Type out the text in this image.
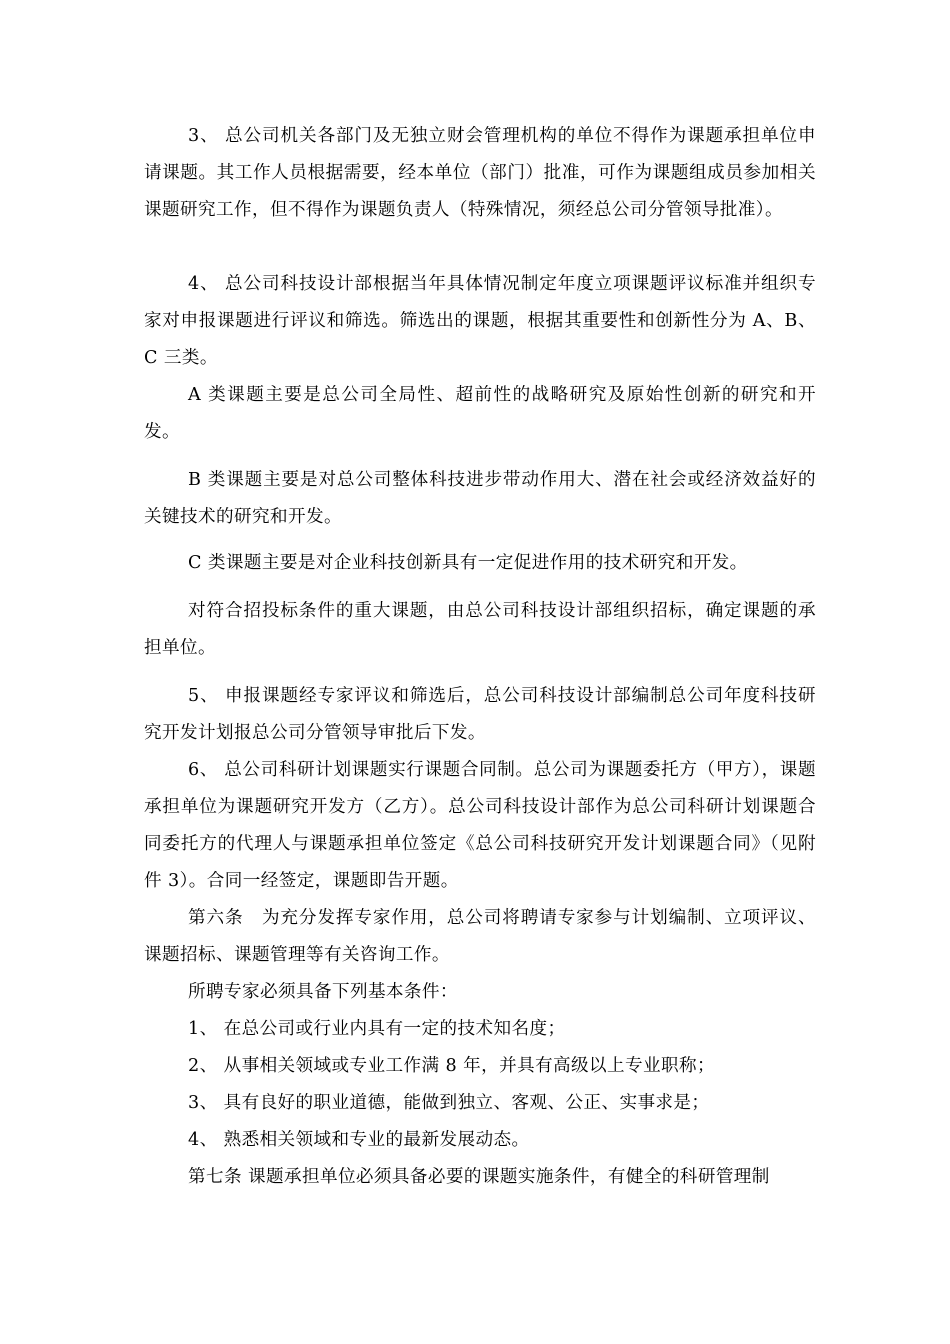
3、 总公司机关各部门及无独立财会管理机构的单位不得作为课题承担单位申请课题。其工作人员根据需要，经本单位（部门）批准，可作为课题组成员参加相关课题研究工作，但不得作为课题负责人（特殊情况，须经总公司分管领导批准）。

4、 总公司科技设计部根据当年具体情况制定年度立项课题评议标准并组织专家对申报课题进行评议和筛选。筛选出的课题，根据其重要性和创新性分为 A、B、C 三类。

A 类课题主要是总公司全局性、超前性的战略研究及原始性创新的研究和开发。

B 类课题主要是对总公司整体科技进步带动作用大、潜在社会或经济效益好的关键技术的研究和开发。

C 类课题主要是对企业科技创新具有一定促进作用的技术研究和开发。

对符合招投标条件的重大课题，由总公司科技设计部组织招标，确定课题的承担单位。

5、 申报课题经专家评议和筛选后，总公司科技设计部编制总公司年度科技研究开发计划报总公司分管领导审批后下发。

6、 总公司科研计划课题实行课题合同制。总公司为课题委托方（甲方），课题承担单位为课题研究开发方（乙方）。总公司科技设计部作为总公司科研计划课题合同委托方的代理人与课题承担单位签定《总公司科技研究开发计划课题合同》（见附件 3）。合同一经签定，课题即告开题。

第六条　为充分发挥专家作用，总公司将聘请专家参与计划编制、立项评议、课题招标、课题管理等有关咨询工作。

所聘专家必须具备下列基本条件：

1、 在总公司或行业内具有一定的技术知名度；

2、 从事相关领域或专业工作满 8 年，并具有高级以上专业职称；

3、 具有良好的职业道德，能做到独立、客观、公正、实事求是；

4、 熟悉相关领域和专业的最新发展动态。

第七条 课题承担单位必须具备必要的课题实施条件，有健全的科研管理制
